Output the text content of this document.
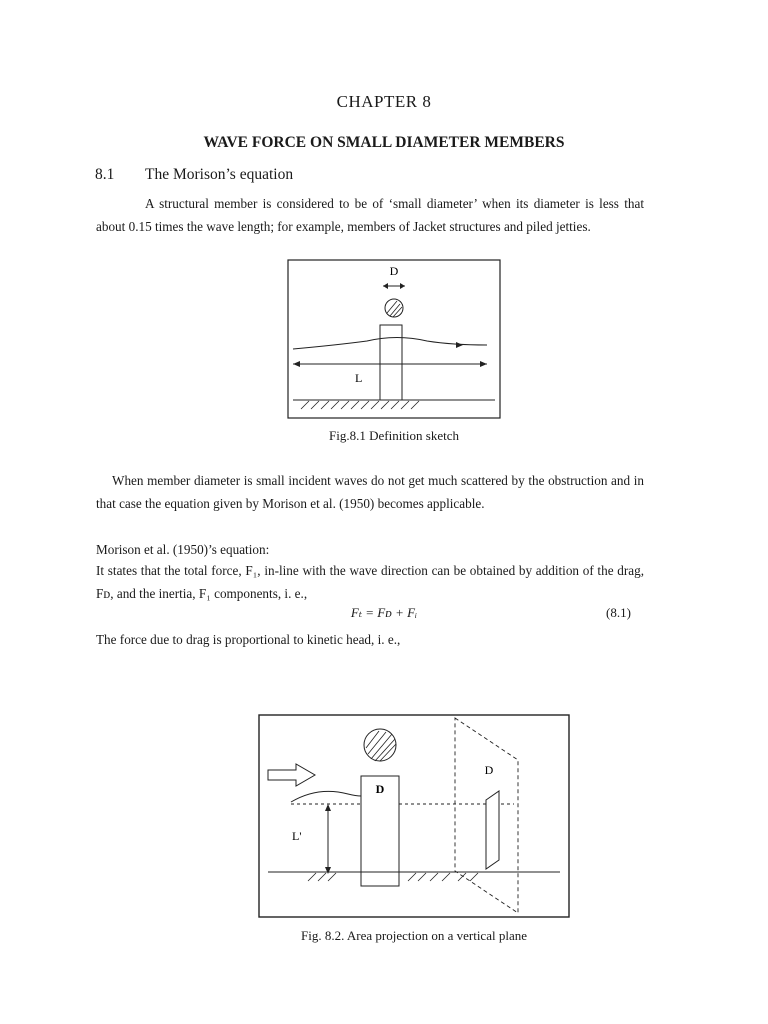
CHAPTER 8
WAVE FORCE ON SMALL DIAMETER MEMBERS
8.1 The Morison’s equation
A structural member is considered to be of ‘small diameter’ when its diameter is less that about 0.15 times the wave length; for example, members of Jacket structures and piled jetties.
D
L
Fig.8.1 Definition sketch
When member diameter is small incident waves do not get much scattered by the obstruction and in that case the equation given by Morison et al. (1950) becomes applicable.
Morison et al. (1950)’s equation:
It states that the total force, F₁, in-line with the wave direction can be obtained by addition of the drag, Fᴅ, and the inertia, F₁ components, i. e.,
Fₜ = Fᴅ + Fᵢ	(8.1)
The force due to drag is proportional to kinetic head, i. e.,
D
L'
D
Fig. 8.2. Area projection on a vertical plane
